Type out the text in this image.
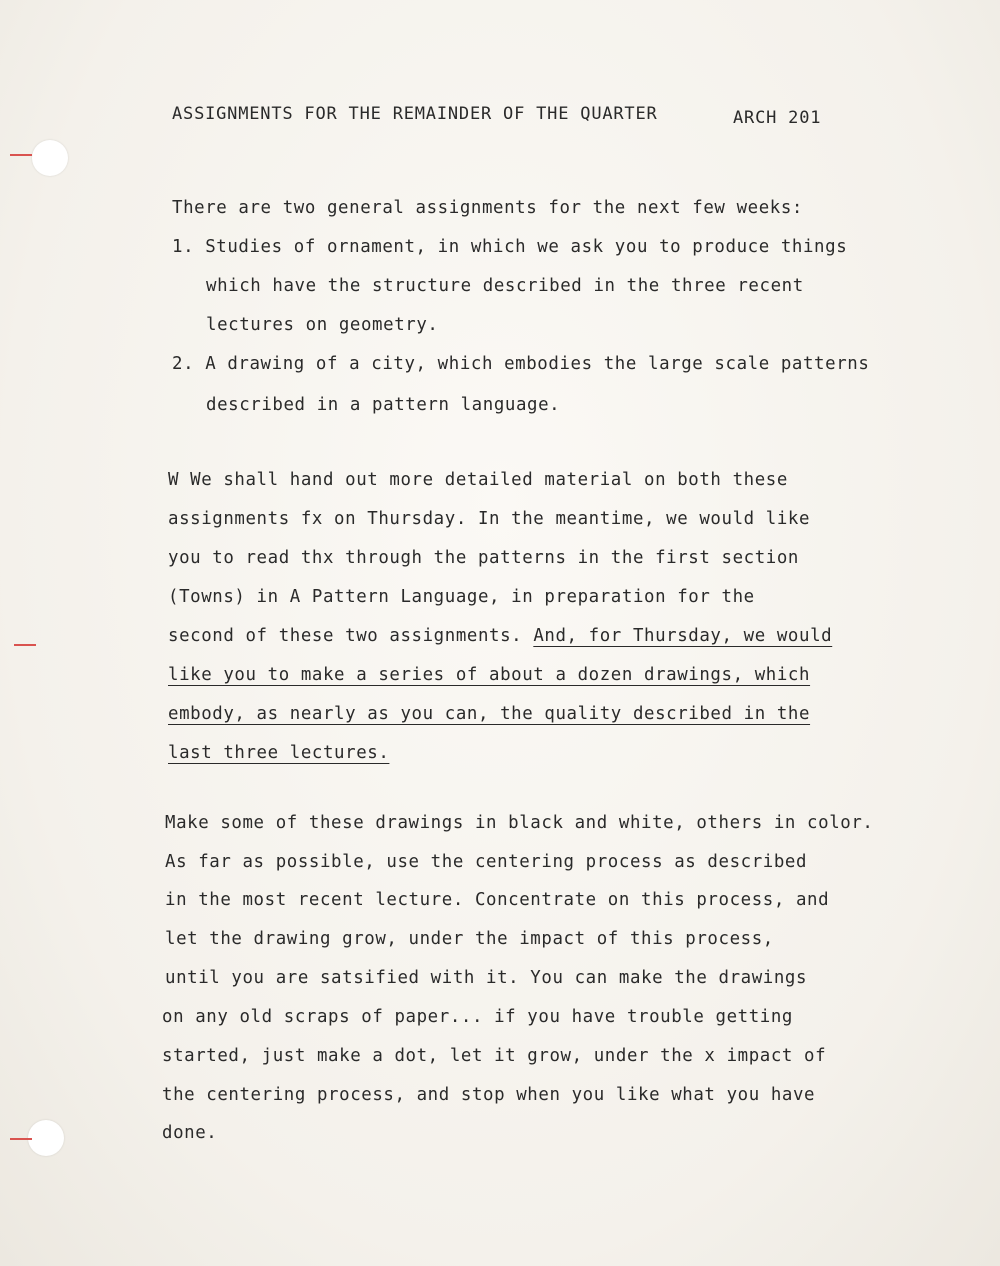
ASSIGNMENTS FOR THE REMAINDER OF THE QUARTER	ARCH 201
There are two general assignments for the next few weeks:
1. Studies of ornament, in which we ask you to produce things
which have the structure described in the three recent
lectures on geometry.
2. A drawing of a city, which embodies the large scale patterns
described in a pattern language.
W We shall hand out more detailed material on both these
assignments fx on Thursday. In the meantime, we would like
you to read thx through the patterns in the first section
(Towns) in A Pattern Language, in preparation for the
second of these two assignments. And, for Thursday, we would
like you to make a series of about a dozen drawings, which
embody, as nearly as you can, the quality described in the
last three lectures.
Make some of these drawings in black and white, others in color.
As far as possible, use the centering process as described
in the most recent lecture. Concentrate on this process, and
let the drawing grow, under the impact of this process,
until you are satsified with it. You can make the drawings
on any old scraps of paper... if you have trouble getting
started, just make a dot, let it grow, under the x impact of
the centering process, and stop when you like what you have
done.
